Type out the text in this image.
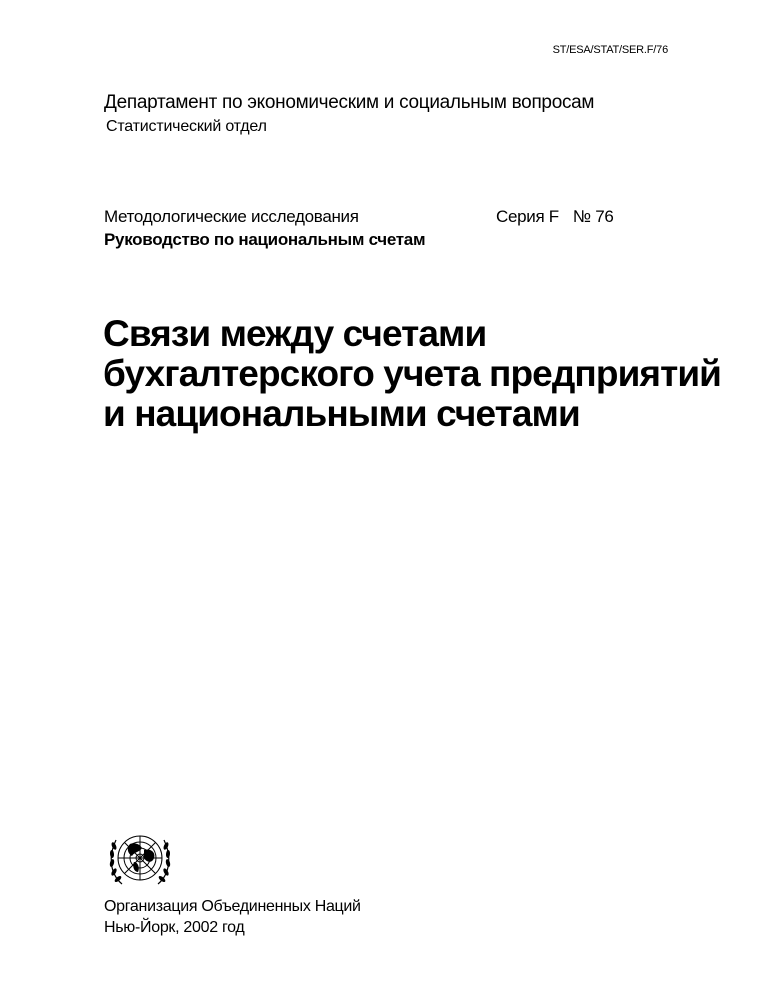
ST/ESA/STAT/SER.F/76
Департамент по экономическим и социальным вопросам
Статистический отдел
Методологические исследования	Серия F № 76
Руководство по национальным счетам
Связи между счетами
бухгалтерского учета предприятий
и национальными счетами
Организация Объединенных Наций
Нью-Йорк, 2002 год
